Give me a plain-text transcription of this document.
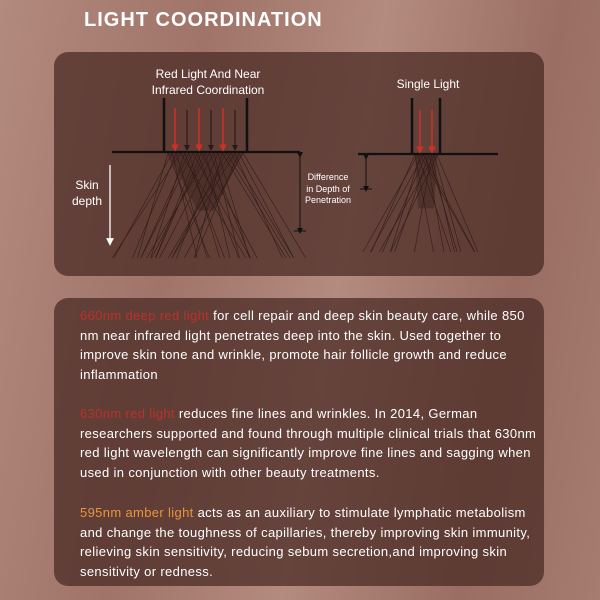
LIGHT COORDINATION
Red Light And Near
Infrared Coordination	Single Light
Skin
depth
Difference
in Depth of
Penetration
660nm deep red light for cell repair and deep skin beauty care, while 850 nm near infrared light penetrates deep into the skin. Used together to improve skin tone and wrinkle, promote hair follicle growth and reduce inflammation
630nm red light reduces fine lines and wrinkles. In 2014, German researchers supported and found through multiple clinical trials that 630nm red light wavelength can significantly improve fine lines and sagging when used in conjunction with other beauty treatments.
595nm amber light acts as an auxiliary to stimulate lymphatic metabolism and change the toughness of capillaries, thereby improving skin immunity, relieving skin sensitivity, reducing sebum secretion,and improving skin sensitivity or redness.
